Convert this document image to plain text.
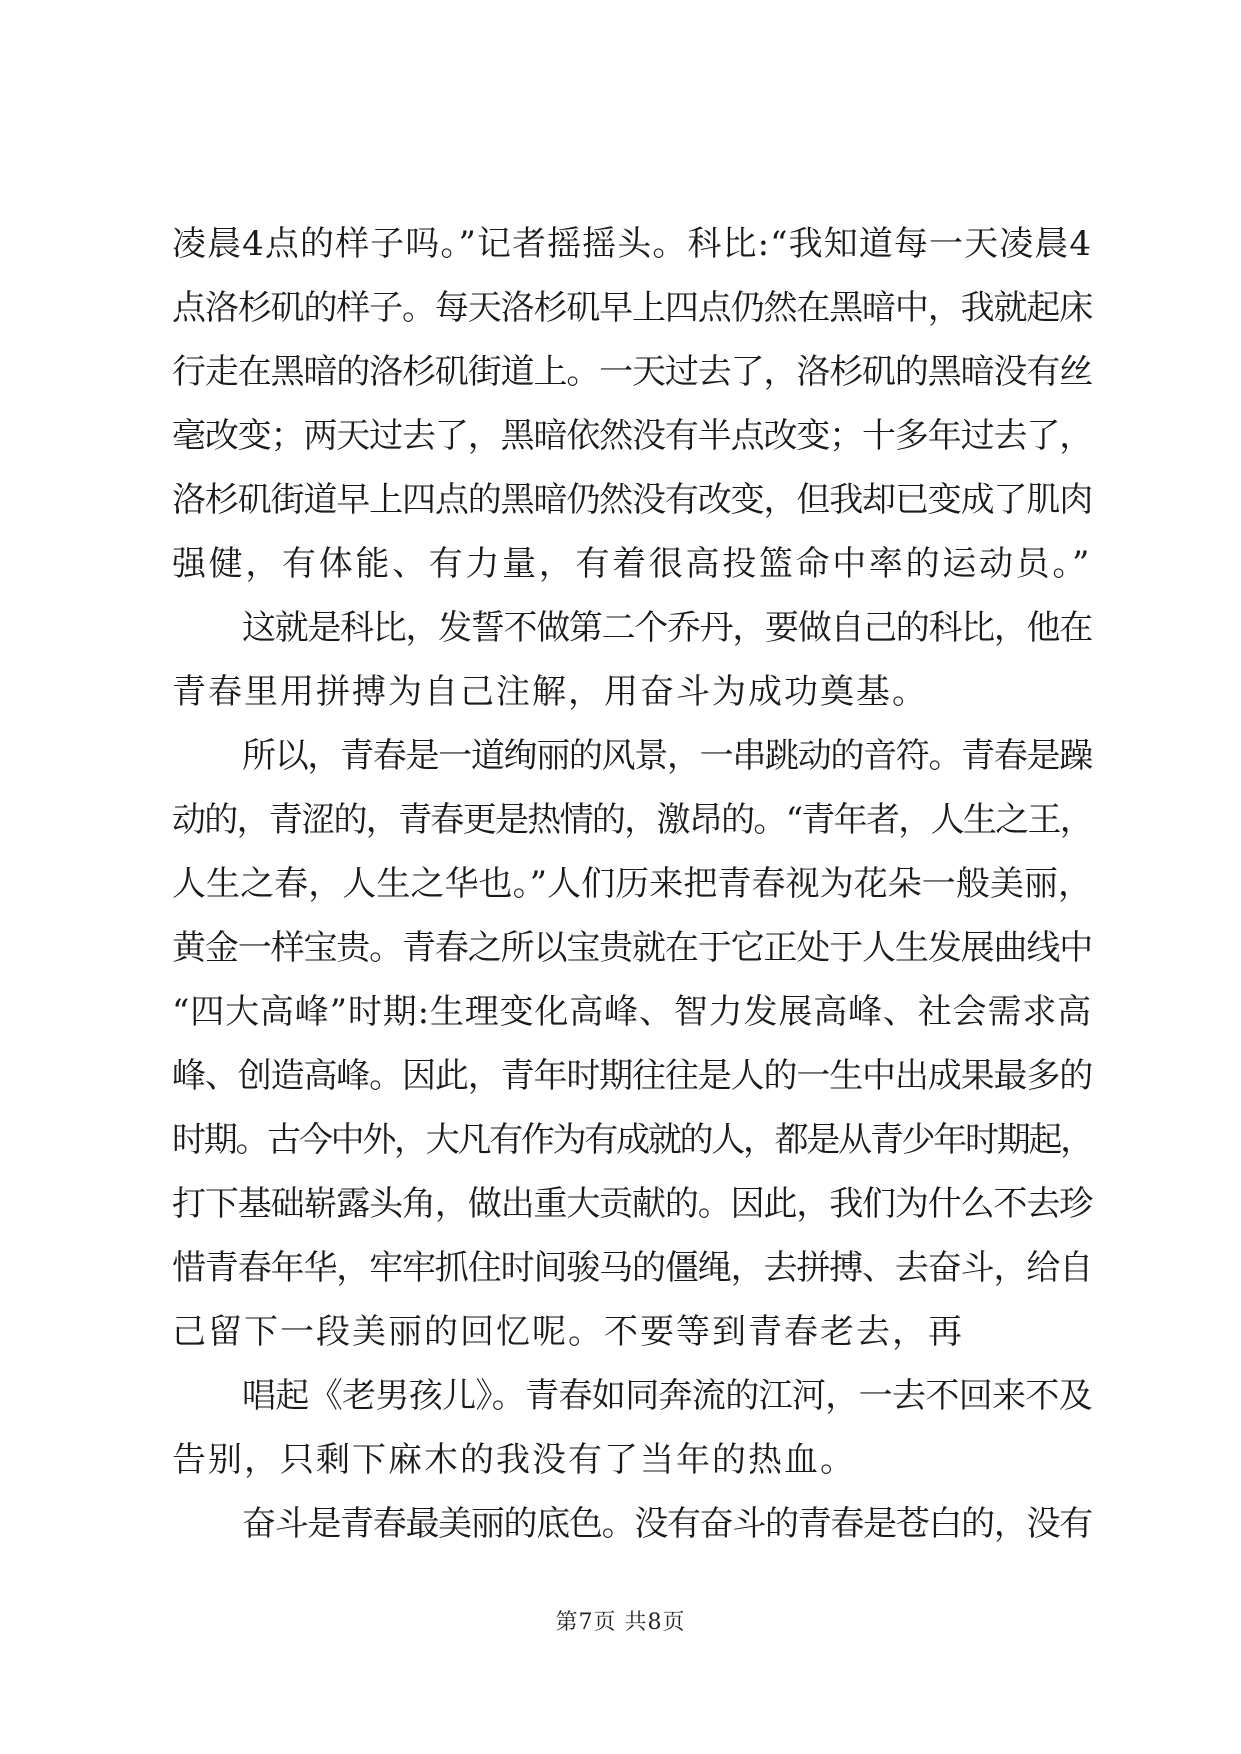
凌晨4点的样子吗。”记者摇摇头。科比:“我知道每一天凌晨4
点洛杉矶的样子。每天洛杉矶早上四点仍然在黑暗中，我就起床
行走在黑暗的洛杉矶街道上。一天过去了，洛杉矶的黑暗没有丝
毫改变；两天过去了，黑暗依然没有半点改变；十多年过去了，
洛杉矶街道早上四点的黑暗仍然没有改变，但我却已变成了肌肉
强健，有体能、有力量，有着很高投篮命中率的运动员。”
这就是科比，发誓不做第二个乔丹，要做自己的科比，他在
青春里用拼搏为自己注解，用奋斗为成功奠基。
所以，青春是一道绚丽的风景，一串跳动的音符。青春是躁
动的，青涩的，青春更是热情的，激昂的。“青年者，人生之王，
人生之春，人生之华也。”人们历来把青春视为花朵一般美丽，
黄金一样宝贵。青春之所以宝贵就在于它正处于人生发展曲线中
“四大高峰”时期:生理变化高峰、智力发展高峰、社会需求高
峰、创造高峰。因此，青年时期往往是人的一生中出成果最多的
时期。古今中外，大凡有作为有成就的人，都是从青少年时期起，
打下基础崭露头角，做出重大贡献的。因此，我们为什么不去珍
惜青春年华，牢牢抓住时间骏马的僵绳，去拼搏、去奋斗，给自
己留下一段美丽的回忆呢。不要等到青春老去，再
唱起《老男孩儿》。青春如同奔流的江河，一去不回来不及
告别，只剩下麻木的我没有了当年的热血。
奋斗是青春最美丽的底色。没有奋斗的青春是苍白的，没有
第7页 共8页
